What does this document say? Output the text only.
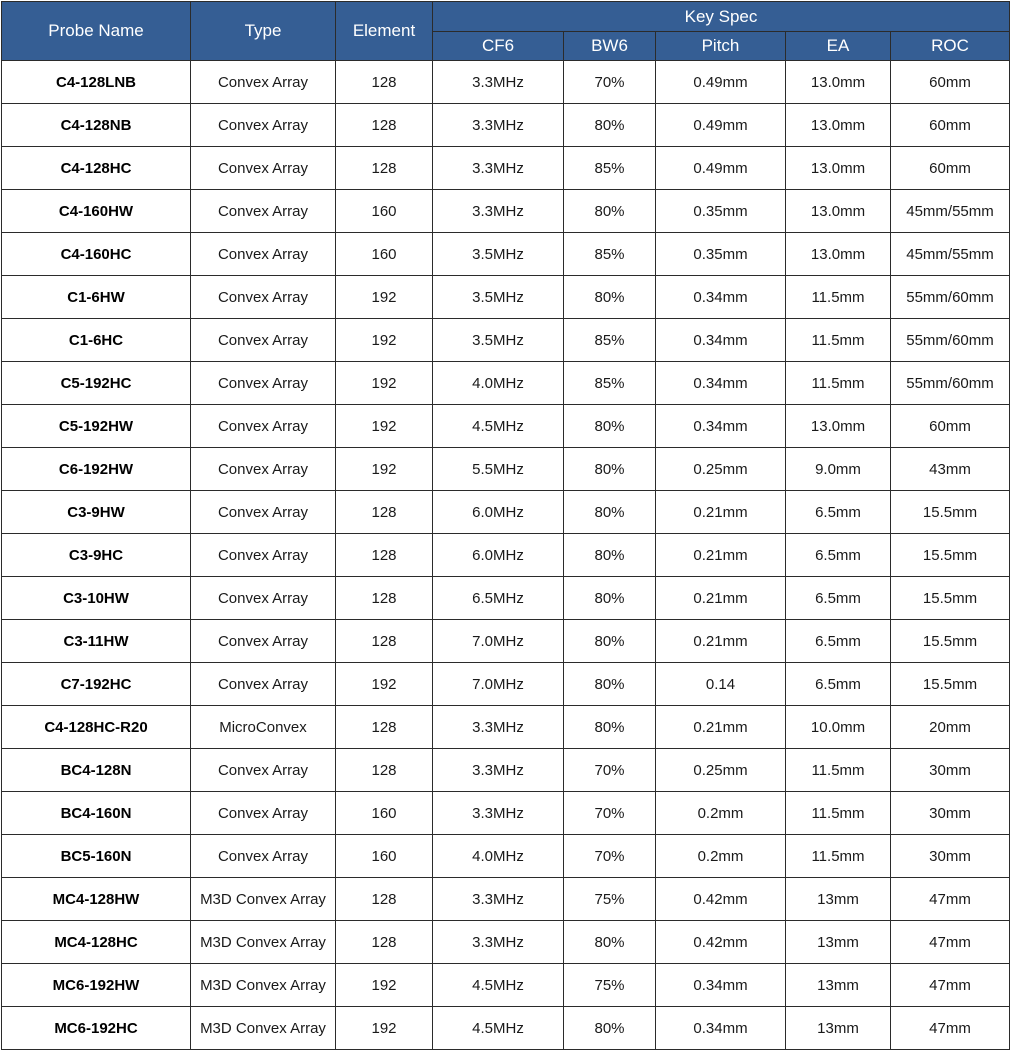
Probe Name	Type	Element	Key Spec				
			CF6	BW6	Pitch	EA	ROC
C4-128LNB	Convex Array	128	3.3MHz	70%	0.49mm	13.0mm	60mm
C4-128NB	Convex Array	128	3.3MHz	80%	0.49mm	13.0mm	60mm
C4-128HC	Convex Array	128	3.3MHz	85%	0.49mm	13.0mm	60mm
C4-160HW	Convex Array	160	3.3MHz	80%	0.35mm	13.0mm	45mm/55mm
C4-160HC	Convex Array	160	3.5MHz	85%	0.35mm	13.0mm	45mm/55mm
C1-6HW	Convex Array	192	3.5MHz	80%	0.34mm	11.5mm	55mm/60mm
C1-6HC	Convex Array	192	3.5MHz	85%	0.34mm	11.5mm	55mm/60mm
C5-192HC	Convex Array	192	4.0MHz	85%	0.34mm	11.5mm	55mm/60mm
C5-192HW	Convex Array	192	4.5MHz	80%	0.34mm	13.0mm	60mm
C6-192HW	Convex Array	192	5.5MHz	80%	0.25mm	9.0mm	43mm
C3-9HW	Convex Array	128	6.0MHz	80%	0.21mm	6.5mm	15.5mm
C3-9HC	Convex Array	128	6.0MHz	80%	0.21mm	6.5mm	15.5mm
C3-10HW	Convex Array	128	6.5MHz	80%	0.21mm	6.5mm	15.5mm
C3-11HW	Convex Array	128	7.0MHz	80%	0.21mm	6.5mm	15.5mm
C7-192HC	Convex Array	192	7.0MHz	80%	0.14	6.5mm	15.5mm
C4-128HC-R20	MicroConvex	128	3.3MHz	80%	0.21mm	10.0mm	20mm
BC4-128N	Convex Array	128	3.3MHz	70%	0.25mm	11.5mm	30mm
BC4-160N	Convex Array	160	3.3MHz	70%	0.2mm	11.5mm	30mm
BC5-160N	Convex Array	160	4.0MHz	70%	0.2mm	11.5mm	30mm
MC4-128HW	M3D Convex Array	128	3.3MHz	75%	0.42mm	13mm	47mm
MC4-128HC	M3D Convex Array	128	3.3MHz	80%	0.42mm	13mm	47mm
MC6-192HW	M3D Convex Array	192	4.5MHz	75%	0.34mm	13mm	47mm
MC6-192HC	M3D Convex Array	192	4.5MHz	80%	0.34mm	13mm	47mm
